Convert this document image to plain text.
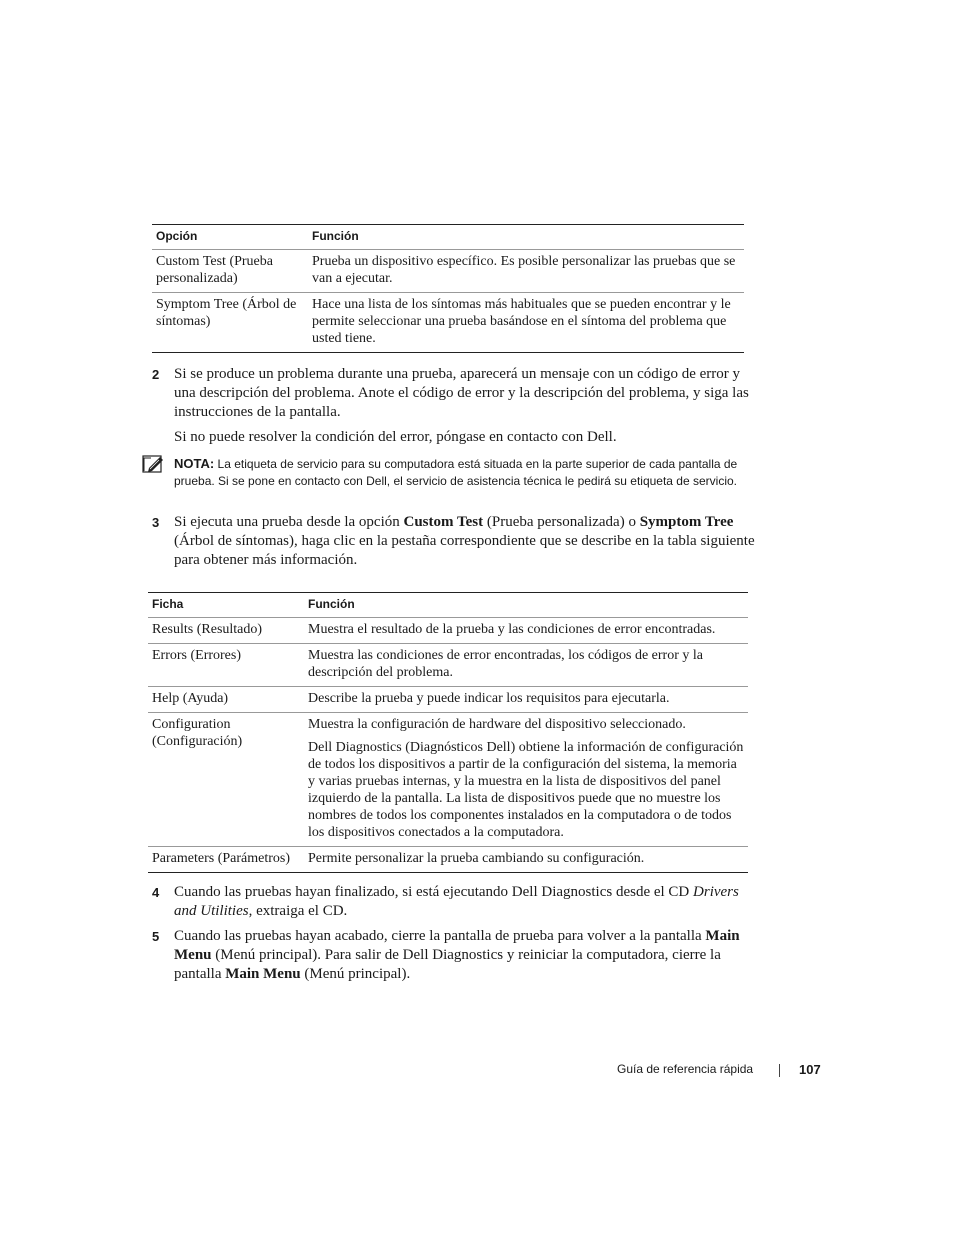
Opción	Función
Custom Test (Prueba personalizada)	Prueba un dispositivo específico. Es posible personalizar las pruebas que se van a ejecutar.
Symptom Tree (Árbol de síntomas)	Hace una lista de los síntomas más habituales que se pueden encontrar y le permite seleccionar una prueba basándose en el síntoma del problema que usted tiene.
2 Si se produce un problema durante una prueba, aparecerá un mensaje con un código de error y una descripción del problema. Anote el código de error y la descripción del problema, y siga las instrucciones de la pantalla.
Si no puede resolver la condición del error, póngase en contacto con Dell.
NOTA: La etiqueta de servicio para su computadora está situada en la parte superior de cada pantalla de prueba. Si se pone en contacto con Dell, el servicio de asistencia técnica le pedirá su etiqueta de servicio.
3 Si ejecuta una prueba desde la opción Custom Test (Prueba personalizada) o Symptom Tree (Árbol de síntomas), haga clic en la pestaña correspondiente que se describe en la tabla siguiente para obtener más información.
Ficha	Función
Results (Resultado)	Muestra el resultado de la prueba y las condiciones de error encontradas.

Errors (Errores)	Muestra las condiciones de error encontradas, los códigos de error y la descripción del problema.

Help (Ayuda)	Describe la prueba y puede indicar los requisitos para ejecutarla.

Configuration (Configuración)	Muestra la configuración de hardware del dispositivo seleccionado.

Dell Diagnostics (Diagnósticos Dell) obtiene la información de configuración de todos los dispositivos a partir de la configuración del sistema, la memoria y varias pruebas internas, y la muestra en la lista de dispositivos del panel izquierdo de la pantalla. La lista de dispositivos puede que no muestre los nombres de todos los componentes instalados en la computadora o de todos los dispositivos conectados a la computadora.

Parameters (Parámetros)	Permite personalizar la prueba cambiando su configuración.

4 Cuando las pruebas hayan finalizado, si está ejecutando Dell Diagnostics desde el CD Drivers and Utilities, extraiga el CD.
5 Cuando las pruebas hayan acabado, cierre la pantalla de prueba para volver a la pantalla Main Menu (Menú principal). Para salir de Dell Diagnostics y reiniciar la computadora, cierre la pantalla Main Menu (Menú principal).
Guía de referencia rápida	107
